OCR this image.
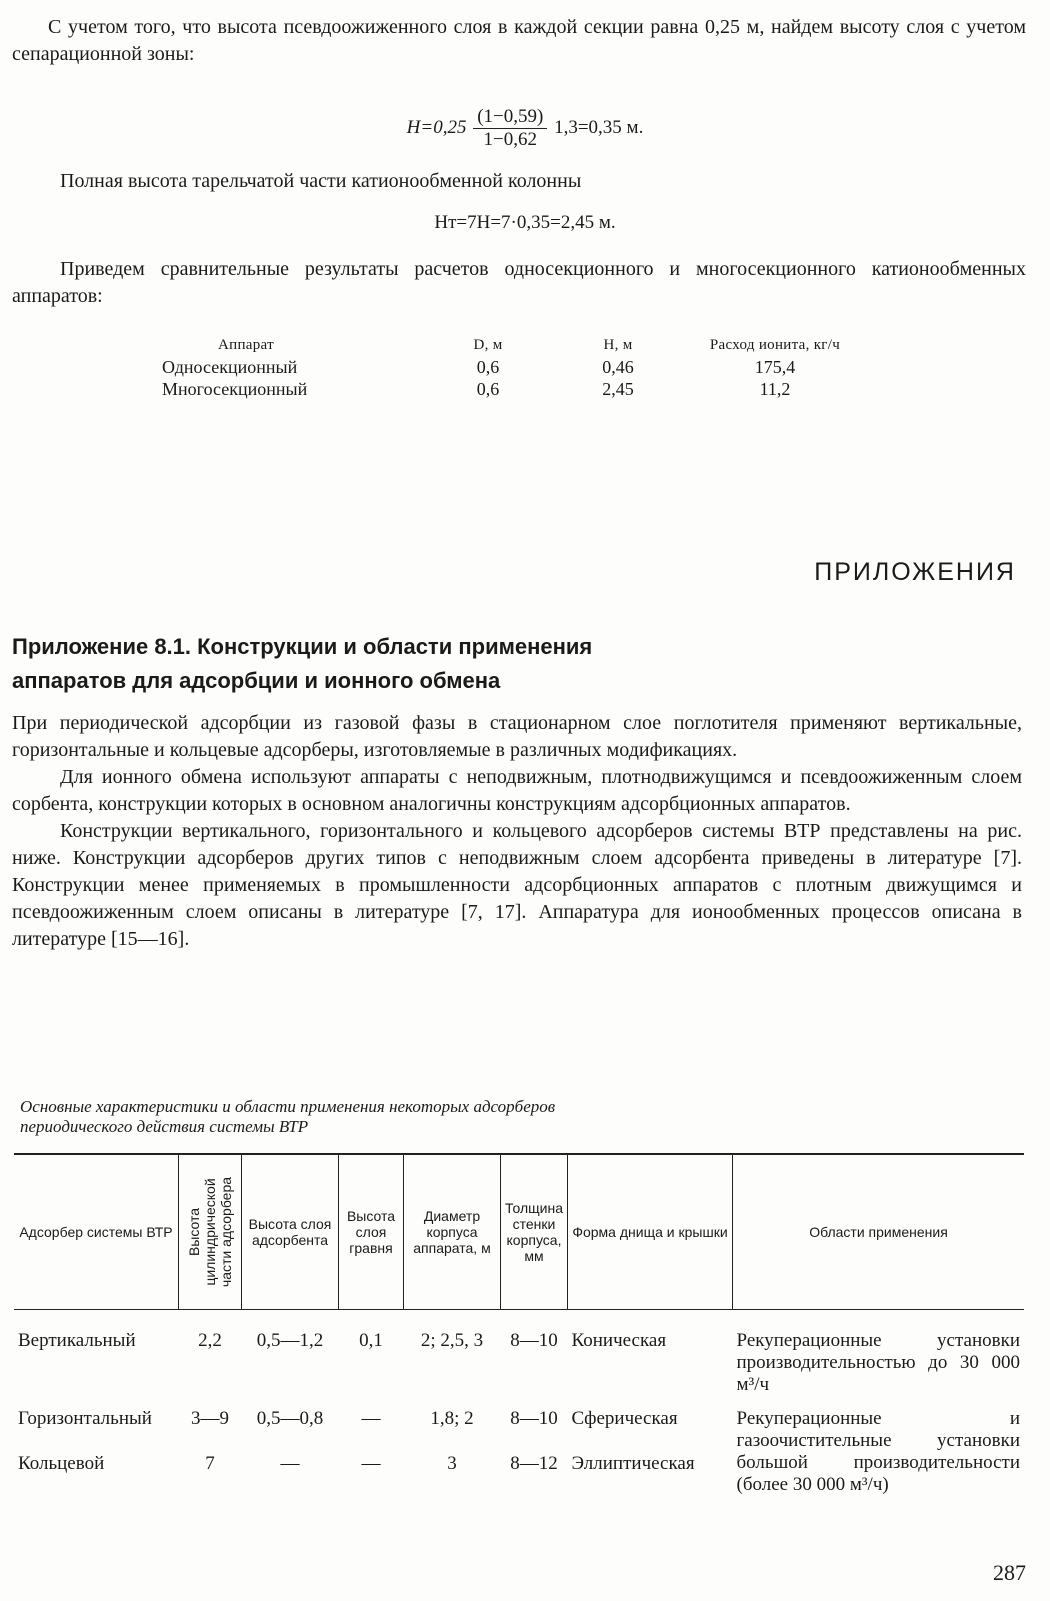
С учетом того, что высота псевдоожиженного слоя в каждой секции равна 0,25 м, найдем высоту слоя с учетом сепарационной зоны:

$H=0,25 \frac{(1-0,59)}{1-0,62} 1,3=0,35$ м.

Полная высота тарельчатой части катионообменной колонны

Hт=7H=7·0,35=2,45 м.

Приведем сравнительные результаты расчетов односекционного и многосекционного катионообменных аппаратов:

Аппарат	D, м	H, м	Расход ионита, кг/ч
Односекционный	0,6	0,46	175,4
Многосекционный	0,6	2,45	11,2
ПРИЛОЖЕНИЯ
Приложение 8.1. Конструкции и области применения
аппаратов для адсорбции и ионного обмена

При периодической адсорбции из газовой фазы в стационарном слое поглотителя применяют вертикальные, горизонтальные и кольцевые адсорберы, изготовляемые в различных модификациях.

Для ионного обмена используют аппараты с неподвижным, плотнодвижущимся и псевдоожиженным слоем сорбента, конструкции которых в основном аналогичны конструкциям адсорбционных аппаратов.

Конструкции вертикального, горизонтального и кольцевого адсорберов системы ВТР представлены на рис. ниже. Конструкции адсорберов других типов с неподвижным слоем адсорбента приведены в литературе [7]. Конструкции менее применяемых в промышленности адсорбционных аппаратов с плотным движущимся и псевдоожиженным слоем описаны в литературе [7, 17]. Аппаратура для ионообменных процессов описана в литературе [15—16].

Основные характеристики и области применения некоторых адсорберов
периодического действия системы ВТР
Адсорбер системы ВТР	Высота цилиндрической части адсорбера	Высота слоя адсорбента	Высота слоя гравня	Диаметр корпуса аппарата, м	Толщина стенки корпуса, мм	Форма днища и крышки	Области применения

Вертикальный	2,2	0,5—1,2	0,1	2; 2,5, 3	8—10	Коническая	Рекуперационные установки производительностью до 30 000 м³/ч
Горизонтальный	3—9	0,5—0,8	—	1,8; 2	8—10	Сферическая	Рекуперационные и газоочистительные установки большой производительности (более 30 000 м³/ч)
Кольцевой	7	—	—	3	8—12	Эллиптическая	
287
